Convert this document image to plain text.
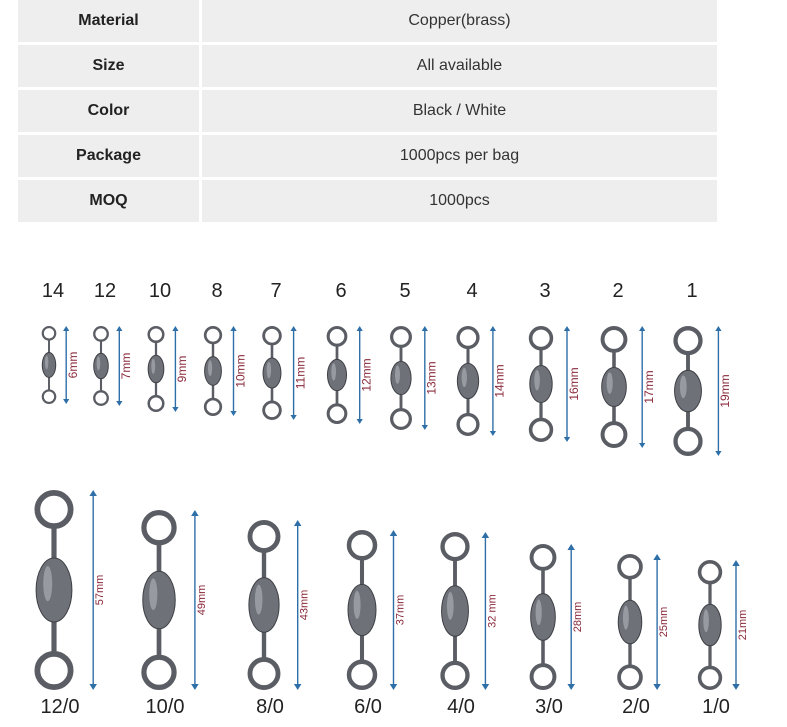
Material	Copper(brass)
Size	All available
Color	Black / White
Package	1000pcs per bag
MOQ	1000pcs
14
6mm
12
7mm
10
9mm
8
10mm
7
11mm
6
12mm
5
13mm
4
14mm
3
16mm
2
17mm
1
19mm
12/0
57mm
10/0
49mm
8/0
43mm
6/0
37mm
4/0
32 mm
3/0
28mm
2/0
25mm
1/0
21mm
